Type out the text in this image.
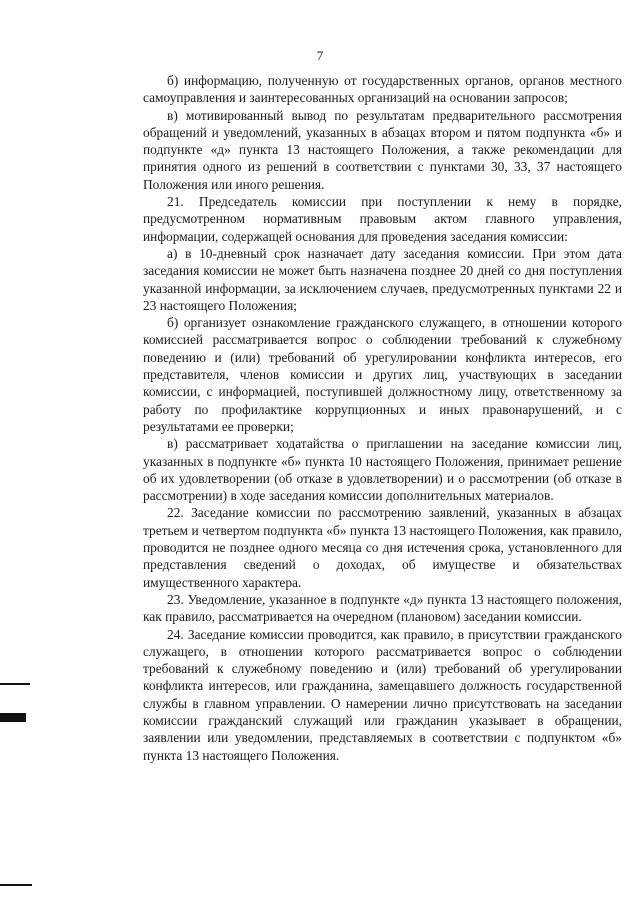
7

б) информацию, полученную от государственных органов, органов местного самоуправления и заинтересованных организаций на основании запросов;

в) мотивированный вывод по результатам предварительного рассмотрения обращений и уведомлений, указанных в абзацах втором и пятом подпункта «б» и подпункте «д» пункта 13 настоящего Положения, а также рекомендации для принятия одного из решений в соответствии с пунктами 30, 33, 37 настоящего Положения или иного решения.

21. Председатель комиссии при поступлении к нему в порядке, предусмотренном нормативным правовым актом главного управления, информации, содержащей основания для проведения заседания комиссии:

а) в 10-дневный срок назначает дату заседания комиссии. При этом дата заседания комиссии не может быть назначена позднее 20 дней со дня поступления указанной информации, за исключением случаев, предусмотренных пунктами 22 и 23 настоящего Положения;

б) организует ознакомление гражданского служащего, в отношении которого комиссией рассматривается вопрос о соблюдении требований к служебному поведению и (или) требований об урегулировании конфликта интересов, его представителя, членов комиссии и других лиц, участвующих в заседании комиссии, с информацией, поступившей должностному лицу, ответственному за работу по профилактике коррупционных и иных правонарушений, и с результатами ее проверки;

в) рассматривает ходатайства о приглашении на заседание комиссии лиц, указанных в подпункте «б» пункта 10 настоящего Положения, принимает решение об их удовлетворении (об отказе в удовлетворении) и о рассмотрении (об отказе в рассмотрении) в ходе заседания комиссии дополнительных материалов.

22. Заседание комиссии по рассмотрению заявлений, указанных в абзацах третьем и четвертом подпункта «б» пункта 13 настоящего Положения, как правило, проводится не позднее одного месяца со дня истечения срока, установленного для представления сведений о доходах, об имуществе и обязательствах имущественного характера.

23. Уведомление, указанное в подпункте «д» пункта 13 настоящего положения, как правило, рассматривается на очередном (плановом) заседании комиссии.

24. Заседание комиссии проводится, как правило, в присутствии гражданского служащего, в отношении которого рассматривается вопрос о соблюдении требований к служебному поведению и (или) требований об урегулировании конфликта интересов, или гражданина, замещавшего должность государственной службы в главном управлении. О намерении лично присутствовать на заседании комиссии гражданский служащий или гражданин указывает в обращении, заявлении или уведомлении, представляемых в соответствии с подпунктом «б» пункта 13 настоящего Положения.
